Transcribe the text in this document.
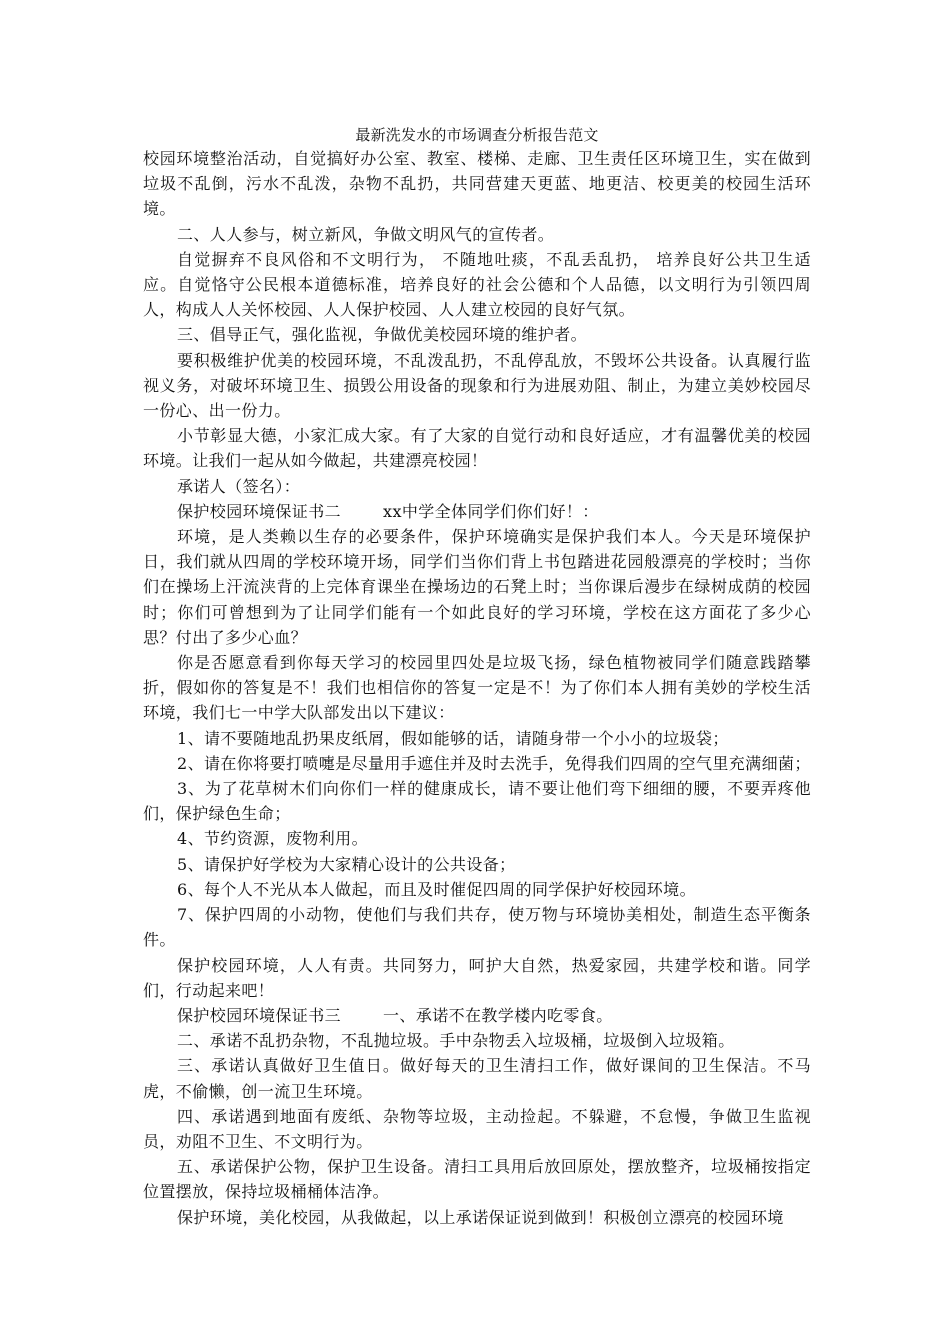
最新洗发水的市场调查分析报告范文

校园环境整治活动，自觉搞好办公室、教室、楼梯、走廊、卫生责任区环境卫生，实在做到垃圾不乱倒，污水不乱泼，杂物不乱扔，共同营建天更蓝、地更洁、校更美的校园生活环境。

二、人人参与，树立新风，争做文明风气的宣传者。

自觉摒弃不良风俗和不文明行为， 不随地吐痰，不乱丢乱扔， 培养良好公共卫生适应。自觉恪守公民根本道德标准，培养良好的社会公德和个人品德，以文明行为引领四周人，构成人人关怀校园、人人保护校园、人人建立校园的良好气氛。

三、倡导正气，强化监视，争做优美校园环境的维护者。

要积极维护优美的校园环境，不乱泼乱扔，不乱停乱放，不毁坏公共设备。认真履行监视义务，对破坏环境卫生、损毁公用设备的现象和行为进展劝阻、制止，为建立美妙校园尽一份心、出一份力。

小节彰显大德，小家汇成大家。有了大家的自觉行动和良好适应，才有温馨优美的校园环境。让我们一起从如今做起，共建漂亮校园！

承诺人（签名）：

保护校园环境保证书二	xx中学全体同学们你们好！：

环境，是人类赖以生存的必要条件，保护环境确实是保护我们本人。今天是环境保护日，我们就从四周的学校环境开场，同学们当你们背上书包踏进花园般漂亮的学校时；当你们在操场上汗流浃背的上完体育课坐在操场边的石凳上时；当你课后漫步在绿树成荫的校园时；你们可曾想到为了让同学们能有一个如此良好的学习环境，学校在这方面花了多少心思？付出了多少心血？

你是否愿意看到你每天学习的校园里四处是垃圾飞扬，绿色植物被同学们随意践踏攀折，假如你的答复是不！我们也相信你的答复一定是不！为了你们本人拥有美妙的学校生活环境，我们七一中学大队部发出以下建议：

1、请不要随地乱扔果皮纸屑，假如能够的话，请随身带一个小小的垃圾袋；

2、请在你将要打喷嚏是尽量用手遮住并及时去洗手，免得我们四周的空气里充满细菌；

3、为了花草树木们向你们一样的健康成长，请不要让他们弯下细细的腰，不要弄疼他们，保护绿色生命；

4、节约资源，废物利用。

5、请保护好学校为大家精心设计的公共设备；

6、每个人不光从本人做起，而且及时催促四周的同学保护好校园环境。

7、保护四周的小动物，使他们与我们共存，使万物与环境协美相处，制造生态平衡条件。

保护校园环境，人人有责。共同努力，呵护大自然，热爱家园，共建学校和谐。同学们，行动起来吧！

保护校园环境保证书三	一、承诺不在教学楼内吃零食。

二、承诺不乱扔杂物，不乱抛垃圾。手中杂物丢入垃圾桶，垃圾倒入垃圾箱。

三、承诺认真做好卫生值日。做好每天的卫生清扫工作，做好课间的卫生保洁。不马虎，不偷懒，创一流卫生环境。

四、承诺遇到地面有废纸、杂物等垃圾，主动捡起。不躲避，不怠慢，争做卫生监视员，劝阻不卫生、不文明行为。

五、承诺保护公物，保护卫生设备。清扫工具用后放回原处，摆放整齐，垃圾桶按指定位置摆放，保持垃圾桶桶体洁净。

保护环境，美化校园，从我做起，以上承诺保证说到做到！积极创立漂亮的校园环境
